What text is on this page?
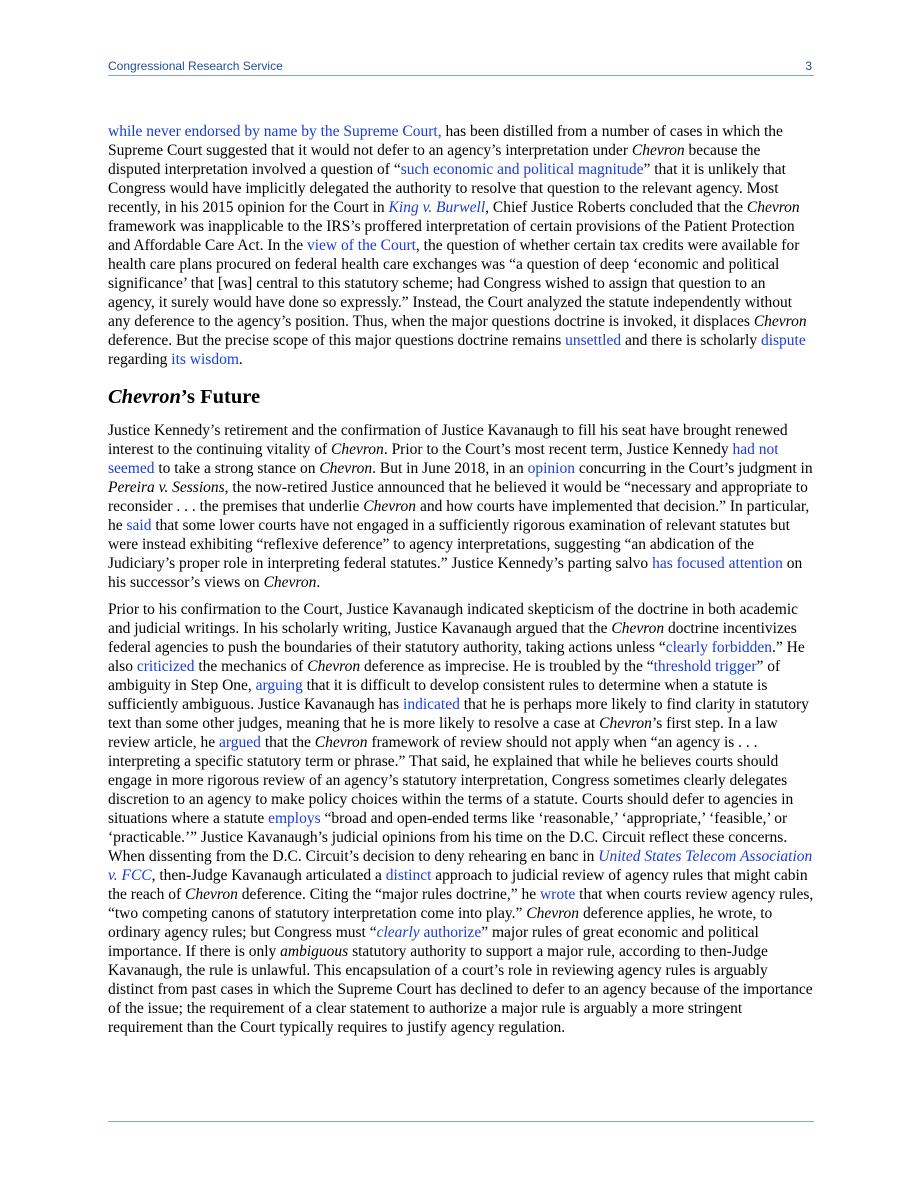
Congressional Research Service	3

while never endorsed by name by the Supreme Court, has been distilled from a number of cases in which the Supreme Court suggested that it would not defer to an agency’s interpretation under Chevron because the disputed interpretation involved a question of “such economic and political magnitude” that it is unlikely that Congress would have implicitly delegated the authority to resolve that question to the relevant agency. Most recently, in his 2015 opinion for the Court in King v. Burwell, Chief Justice Roberts concluded that the Chevron framework was inapplicable to the IRS’s proffered interpretation of certain provisions of the Patient Protection and Affordable Care Act. In the view of the Court, the question of whether certain tax credits were available for health care plans procured on federal health care exchanges was “a question of deep ‘economic and political significance’ that [was] central to this statutory scheme; had Congress wished to assign that question to an agency, it surely would have done so expressly.” Instead, the Court analyzed the statute independently without any deference to the agency’s position. Thus, when the major questions doctrine is invoked, it displaces Chevron deference. But the precise scope of this major questions doctrine remains unsettled and there is scholarly dispute regarding its wisdom.

Chevron’s Future

Justice Kennedy’s retirement and the confirmation of Justice Kavanaugh to fill his seat have brought renewed interest to the continuing vitality of Chevron. Prior to the Court’s most recent term, Justice Kennedy had not seemed to take a strong stance on Chevron. But in June 2018, in an opinion concurring in the Court’s judgment in Pereira v. Sessions, the now-retired Justice announced that he believed it would be “necessary and appropriate to reconsider . . . the premises that underlie Chevron and how courts have implemented that decision.” In particular, he said that some lower courts have not engaged in a sufficiently rigorous examination of relevant statutes but were instead exhibiting “reflexive deference” to agency interpretations, suggesting “an abdication of the Judiciary’s proper role in interpreting federal statutes.” Justice Kennedy’s parting salvo has focused attention on his successor’s views on Chevron.

Prior to his confirmation to the Court, Justice Kavanaugh indicated skepticism of the doctrine in both academic and judicial writings. In his scholarly writing, Justice Kavanaugh argued that the Chevron doctrine incentivizes federal agencies to push the boundaries of their statutory authority, taking actions unless “clearly forbidden.” He also criticized the mechanics of Chevron deference as imprecise. He is troubled by the “threshold trigger” of ambiguity in Step One, arguing that it is difficult to develop consistent rules to determine when a statute is sufficiently ambiguous. Justice Kavanaugh has indicated that he is perhaps more likely to find clarity in statutory text than some other judges, meaning that he is more likely to resolve a case at Chevron’s first step. In a law review article, he argued that the Chevron framework of review should not apply when “an agency is . . . interpreting a specific statutory term or phrase.” That said, he explained that while he believes courts should engage in more rigorous review of an agency’s statutory interpretation, Congress sometimes clearly delegates discretion to an agency to make policy choices within the terms of a statute. Courts should defer to agencies in situations where a statute employs “broad and open-ended terms like ‘reasonable,’ ‘appropriate,’ ‘feasible,’ or ‘practicable.’” Justice Kavanaugh’s judicial opinions from his time on the D.C. Circuit reflect these concerns. When dissenting from the D.C. Circuit’s decision to deny rehearing en banc in United States Telecom Association v. FCC, then-Judge Kavanaugh articulated a distinct approach to judicial review of agency rules that might cabin the reach of Chevron deference. Citing the “major rules doctrine,” he wrote that when courts review agency rules, “two competing canons of statutory interpretation come into play.” Chevron deference applies, he wrote, to ordinary agency rules; but Congress must “clearly authorize” major rules of great economic and political importance. If there is only ambiguous statutory authority to support a major rule, according to then-Judge Kavanaugh, the rule is unlawful. This encapsulation of a court’s role in reviewing agency rules is arguably distinct from past cases in which the Supreme Court has declined to defer to an agency because of the importance of the issue; the requirement of a clear statement to authorize a major rule is arguably a more stringent requirement than the Court typically requires to justify agency regulation.
